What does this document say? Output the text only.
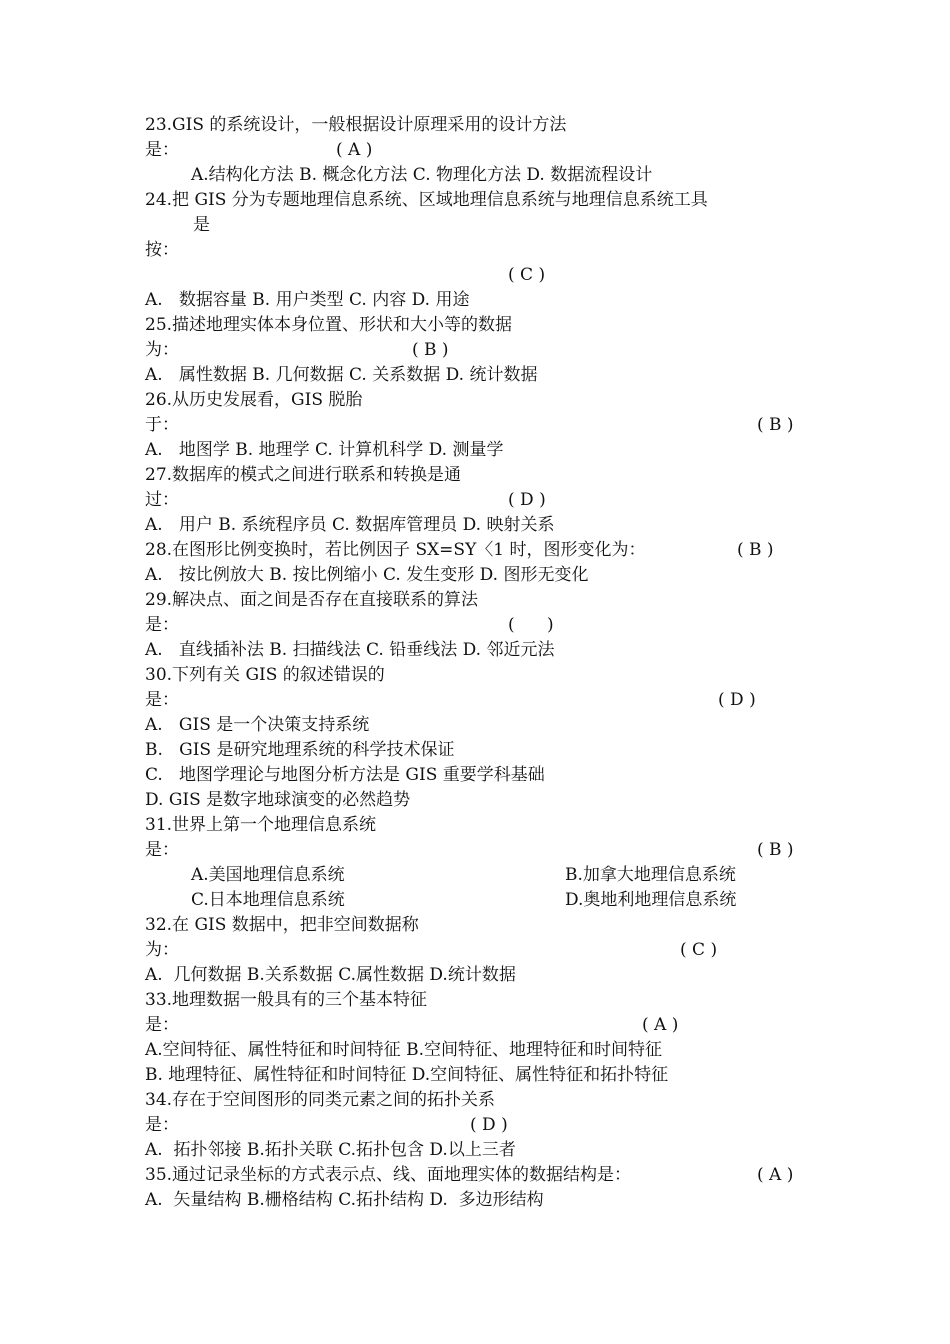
23.GIS 的系统设计，一般根据设计原理采用的设计方法
是：	( A )
A.结构化方法 B. 概念化方法 C. 物理化方法 D. 数据流程设计
24.把 GIS 分为专题地理信息系统、区域地理信息系统与地理信息系统工具
是
按：
( C )
A.   数据容量 B. 用户类型 C. 内容 D. 用途
25.描述地理实体本身位置、形状和大小等的数据
为：	( B )
A.   属性数据 B. 几何数据 C. 关系数据 D. 统计数据
26.从历史发展看，GIS 脱胎
于：	( B )
A.   地图学 B. 地理学 C. 计算机科学 D. 测量学
27.数据库的模式之间进行联系和转换是通
过：	( D )
A.   用户 B. 系统程序员 C. 数据库管理员 D. 映射关系
28.在图形比例变换时，若比例因子 SX=SY〈1 时，图形变化为：	( B )
A.   按比例放大 B. 按比例缩小 C. 发生变形 D. 图形无变化
29.解决点、面之间是否存在直接联系的算法
是：	(      )
A.   直线插补法 B. 扫描线法 C. 铅垂线法 D. 邻近元法
30.下列有关 GIS 的叙述错误的
是：	( D )
A.   GIS 是一个决策支持系统
B.   GIS 是研究地理系统的科学技术保证
C.   地图学理论与地图分析方法是 GIS 重要学科基础
D. GIS 是数字地球演变的必然趋势
31.世界上第一个地理信息系统
是：	( B )
A.美国地理信息系统	B.加拿大地理信息系统
C.日本地理信息系统	D.奥地利地理信息系统
32.在 GIS 数据中，把非空间数据称
为：	( C )
A.  几何数据 B.关系数据 C.属性数据 D.统计数据
33.地理数据一般具有的三个基本特征
是：	( A )
A.空间特征、属性特征和时间特征 B.空间特征、地理特征和时间特征
B. 地理特征、属性特征和时间特征 D.空间特征、属性特征和拓扑特征
34.存在于空间图形的同类元素之间的拓扑关系
是：	( D )
A.  拓扑邻接 B.拓扑关联 C.拓扑包含 D.以上三者
35.通过记录坐标的方式表示点、线、面地理实体的数据结构是：	( A )
A.  矢量结构 B.栅格结构 C.拓扑结构 D.  多边形结构
